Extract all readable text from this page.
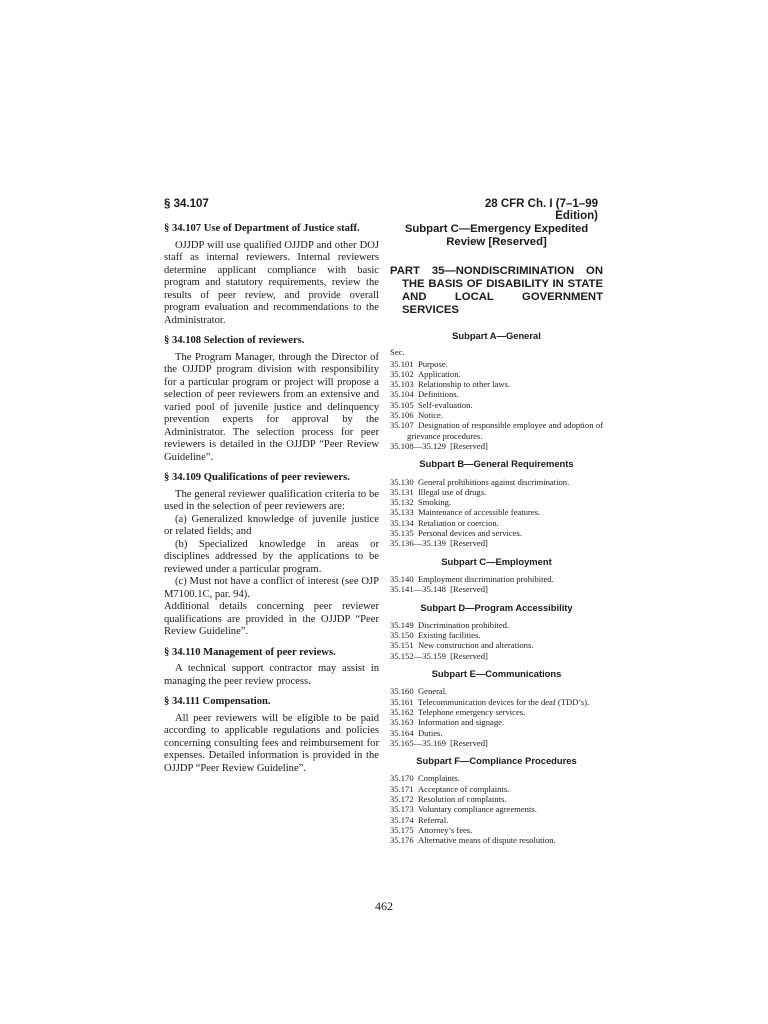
§ 34.107	28 CFR Ch. I (7–1–99 Edition)

§ 34.107 Use of Department of Justice staff.

OJJDP will use qualified OJJDP and other DOJ staff as internal reviewers. Internal reviewers determine applicant compliance with basic program and statutory requirements, review the results of peer review, and provide overall program evaluation and recommendations to the Administrator.

§ 34.108 Selection of reviewers.

The Program Manager, through the Director of the OJJDP program division with responsibility for a particular program or project will propose a selection of peer reviewers from an extensive and varied pool of juvenile justice and delinquency prevention experts for approval by the Administrator. The selection process for peer reviewers is detailed in the OJJDP “Peer Review Guideline”.

§ 34.109 Qualifications of peer reviewers.

The general reviewer qualification criteria to be used in the selection of peer reviewers are:

(a) Generalized knowledge of juvenile justice or related fields; and

(b) Specialized knowledge in areas or disciplines addressed by the applications to be reviewed under a particular program.

(c) Must not have a conflict of interest (see OJP M7100.1C, par. 94).

Additional details concerning peer reviewer qualifications are provided in the OJJDP “Peer Review Guideline”.

§ 34.110 Management of peer reviews.

A technical support contractor may assist in managing the peer review process.

§ 34.111 Compensation.

All peer reviewers will be eligible to be paid according to applicable regulations and policies concerning consulting fees and reimbursement for expenses. Detailed information is provided in the OJJDP “Peer Review Guideline”.

Subpart C—Emergency Expedited Review [Reserved]
PART 35—NONDISCRIMINATION ON THE BASIS OF DISABILITY IN STATE AND LOCAL GOVERNMENT SERVICES
Subpart A—General
Sec.
35.101 Purpose.
35.102 Application.
35.103 Relationship to other laws.
35.104 Definitions.
35.105 Self-evaluation.
35.106 Notice.
35.107 Designation of responsible employee and adoption of grievance procedures.
35.108—35.129 [Reserved]
Subpart B—General Requirements
35.130 General prohibitions against discrimination.
35.131 Illegal use of drugs.
35.132 Smoking.
35.133 Maintenance of accessible features.
35.134 Retaliation or coercion.
35.135 Personal devices and services.
35.136—35.139 [Reserved]
Subpart C—Employment
35.140 Employment discrimination prohibited.
35.141—35.148 [Reserved]
Subpart D—Program Accessibility
35.149 Discrimination prohibited.
35.150 Existing facilities.
35.151 New construction and alterations.
35.152—35.159 [Reserved]
Subpart E—Communications
35.160 General.
35.161 Telecommunication devices for the deaf (TDD’s).
35.162 Telephone emergency services.
35.163 Information and signage.
35.164 Duties.
35.165—35.169 [Reserved]
Subpart F—Compliance Procedures
35.170 Complaints.
35.171 Acceptance of complaints.
35.172 Resolution of complaints.
35.173 Voluntary compliance agreements.
35.174 Referral.
35.175 Attorney’s fees.
35.176 Alternative means of dispute resolution.
462
